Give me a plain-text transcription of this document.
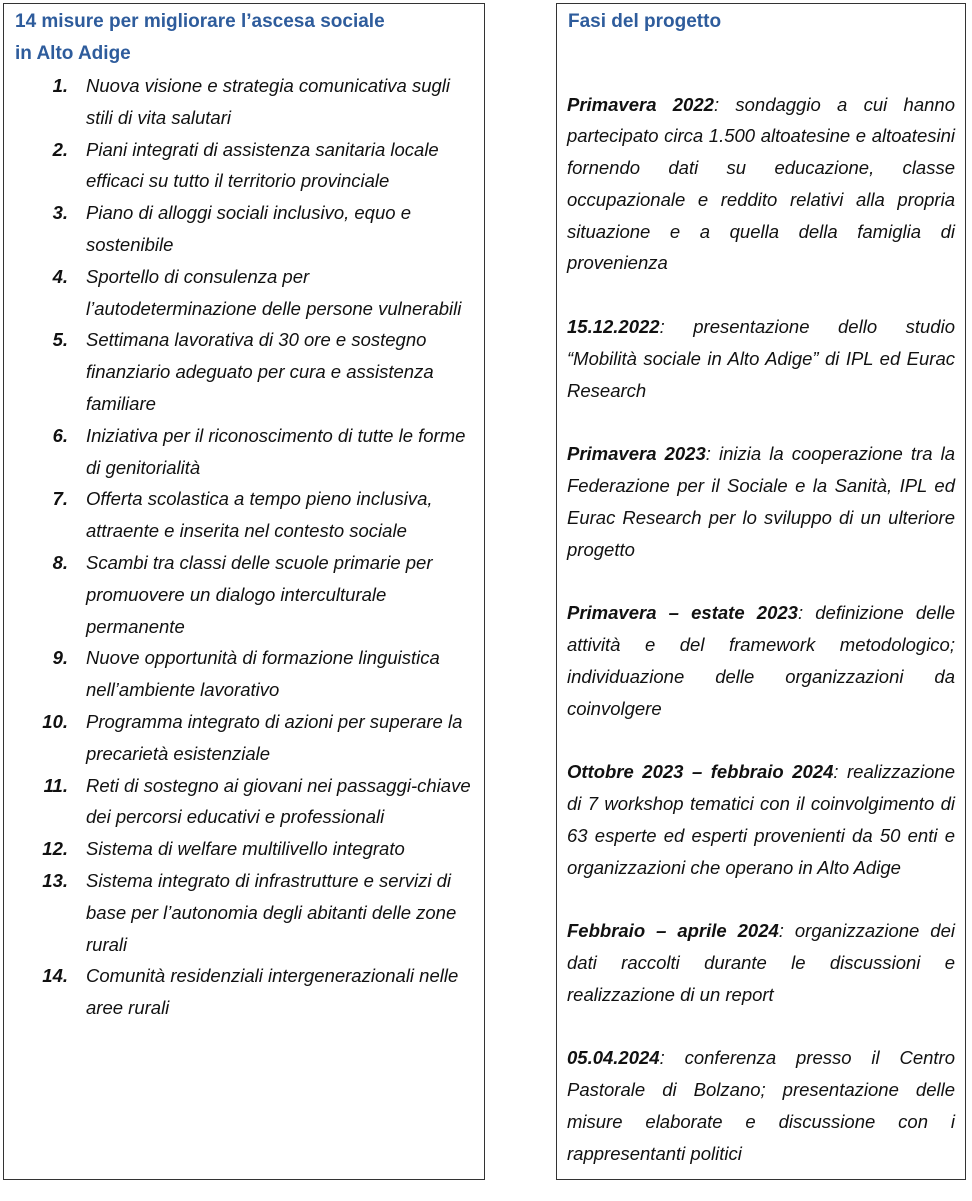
14 misure per migliorare l’ascesa sociale
in Alto Adige
1. Nuova visione e strategia comunicativa sugli stili di vita salutari
2. Piani integrati di assistenza sanitaria locale efficaci su tutto il territorio provinciale
3. Piano di alloggi sociali inclusivo, equo e sostenibile
4. Sportello di consulenza per l’autodeterminazione delle persone vulnerabili
5. Settimana lavorativa di 30 ore e sostegno finanziario adeguato per cura e assistenza familiare
6. Iniziativa per il riconoscimento di tutte le forme di genitorialità
7. Offerta scolastica a tempo pieno inclusiva, attraente e inserita nel contesto sociale
8. Scambi tra classi delle scuole primarie per promuovere un dialogo interculturale permanente
9. Nuove opportunità di formazione linguistica nell’ambiente lavorativo
10. Programma integrato di azioni per superare la precarietà esistenziale
11. Reti di sostegno ai giovani nei passaggi-chiave dei percorsi educativi e professionali
12. Sistema di welfare multilivello integrato
13. Sistema integrato di infrastrutture e servizi di base per l’autonomia degli abitanti delle zone rurali
14. Comunità residenziali intergenerazionali nelle aree rurali
Fasi del progetto

Primavera 2022: sondaggio a cui hanno partecipato circa 1.500 altoatesine e altoatesini fornendo dati su educazione, classe occupazionale e reddito relativi alla propria situazione e a quella della famiglia di provenienza

15.12.2022: presentazione dello studio “Mobilità sociale in Alto Adige” di IPL ed Eurac Research

Primavera 2023: inizia la cooperazione tra la Federazione per il Sociale e la Sanità, IPL ed Eurac Research per lo sviluppo di un ulteriore progetto

Primavera – estate 2023: definizione delle attività e del framework metodologico; individuazione delle organizzazioni da coinvolgere

Ottobre 2023 – febbraio 2024: realizzazione di 7 workshop tematici con il coinvolgimento di 63 esperte ed esperti provenienti da 50 enti e organizzazioni che operano in Alto Adige

Febbraio – aprile 2024: organizzazione dei dati raccolti durante le discussioni e realizzazione di un report

05.04.2024: conferenza presso il Centro Pastorale di Bolzano; presentazione delle misure elaborate e discussione con i rappresentanti politici
